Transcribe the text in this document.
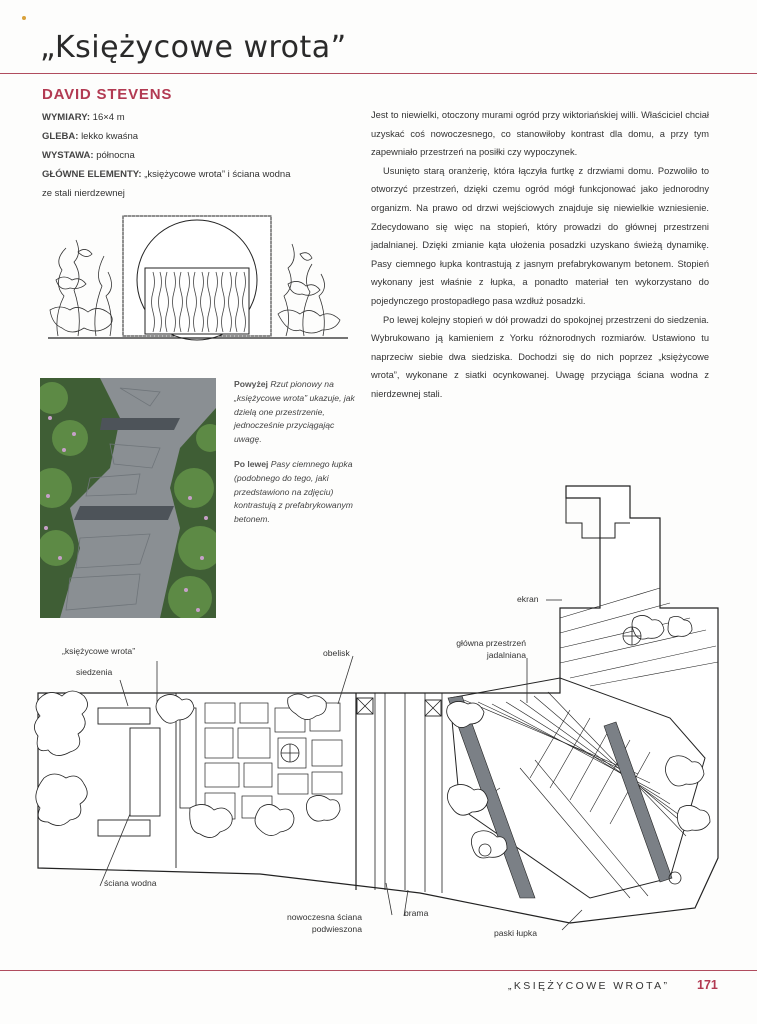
„Księżycowe wrota”
DAVID STEVENS
WYMIARY: 16×4 m
GLEBA: lekko kwaśna
WYSTAWA: północna
GŁÓWNE ELEMENTY: „księżycowe wrota” i ściana wodna
ze stali nierdzewnej

Jest to niewielki, otoczony murami ogród przy wiktoriańskiej willi. Właściciel chciał uzyskać coś nowoczesnego, co stanowiłoby kontrast dla domu, a przy tym zapewniało przestrzeń na posiłki czy wypoczynek.

Usunięto starą oranżerię, która łączyła furtkę z drzwiami domu. Pozwoliło to otworzyć przestrzeń, dzięki czemu ogród mógł funkcjonować jako jednorodny organizm. Na prawo od drzwi wejściowych znajduje się niewielkie wzniesienie. Zdecydowano się więc na stopień, który prowadzi do głównej przestrzeni jadalnianej. Dzięki zmianie kąta ułożenia posadzki uzyskano świeżą dynamikę. Pasy ciemnego łupka kontrastują z jasnym prefabrykowanym betonem. Stopień wykonany jest właśnie z łupka, a ponadto materiał ten wykorzystano do pojedynczego prostopadłego pasa wzdłuż posadzki.

Po lewej kolejny stopień w dół prowadzi do spokojnej przestrzeni do siedzenia. Wybrukowano ją kamieniem z Yorku różnorodnych rozmiarów. Ustawiono tu naprzeciw siebie dwa siedziska. Dochodzi się do nich poprzez „księżycowe wrota”, wykonane z siatki ocynkowanej. Uwagę przyciąga ściana wodna z nierdzewnej stali.

Powyżej Rzut pionowy na „księżycowe wrota” ukazuje, jak dzielą one przestrzenie, jednocześnie przyciągając uwagę.

Po lewej Pasy ciemnego łupka (podobnego do tego, jaki przedstawiono na zdjęciu) kontrastują z prefabrykowanym betonem.

„księżycowe wrota”
siedzenia
obelisk
ekran
główna przestrzeń
jadalniana
ściana wodna
nowoczesna ściana
podwieszona
brama
paski łupka
„KSIĘŻYCOWE WROTA” 171
